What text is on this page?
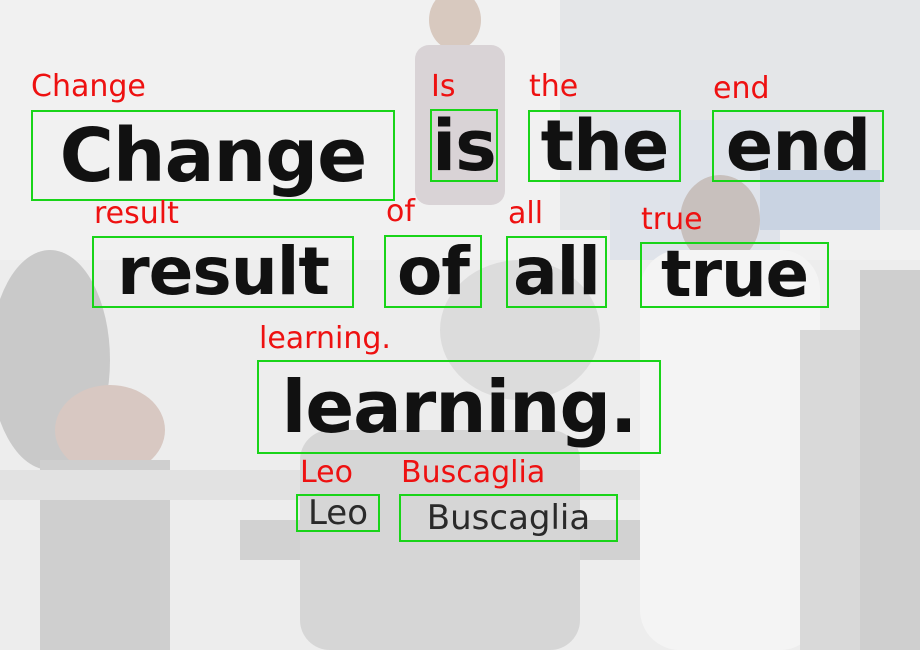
Change
Change
is
Is
the
the
end
end
result
result
of
of
all
all
true
true
learning.
learning.
Leo
Leo
Buscaglia
Buscaglia
